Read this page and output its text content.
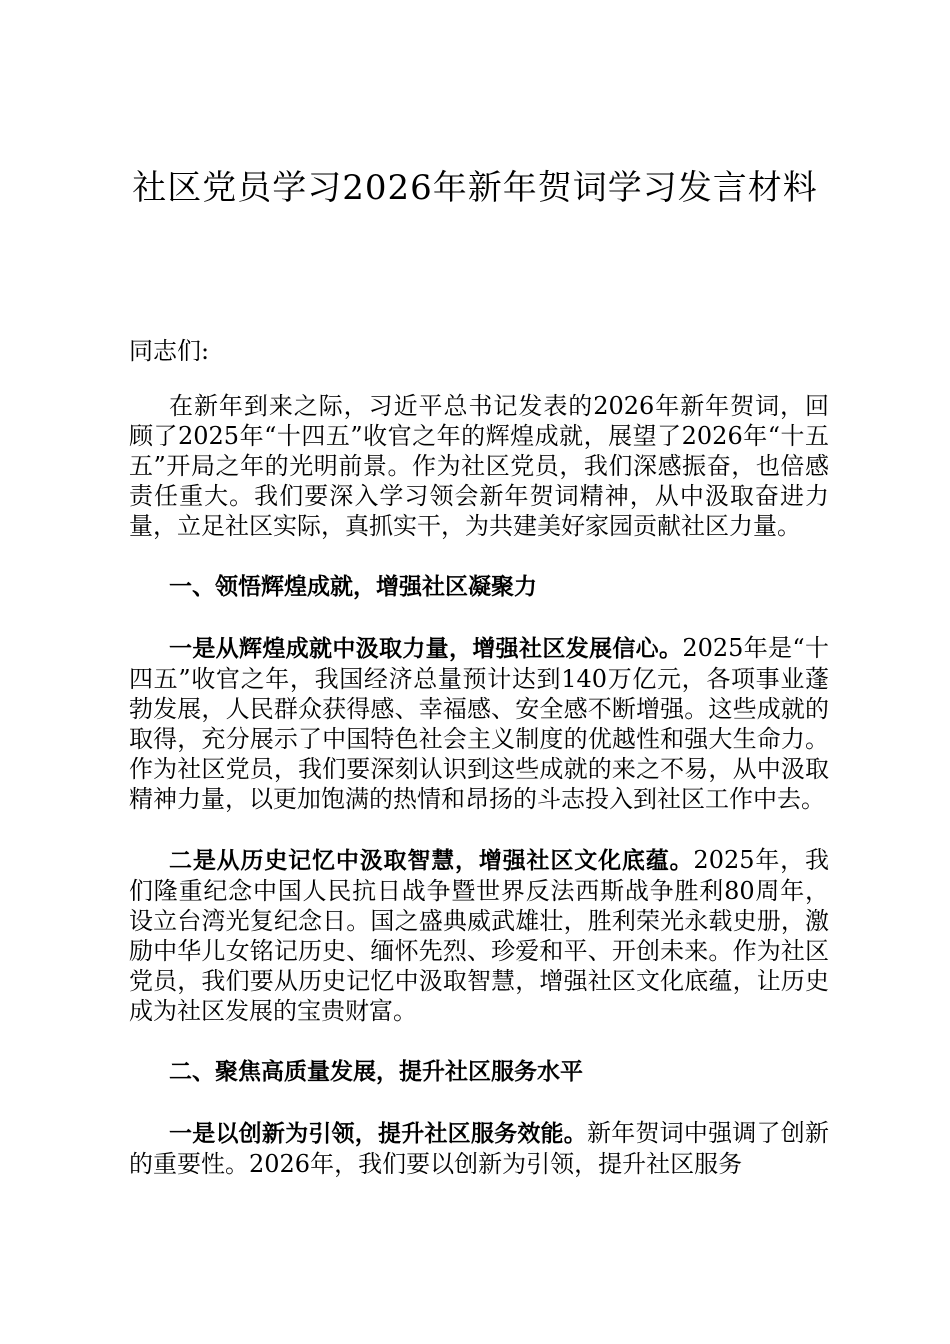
社区党员学习2026年新年贺词学习发言材料

同志们:

在新年到来之际，习近平总书记发表的2026年新年贺词，回顾了2025年“十四五”收官之年的辉煌成就，展望了2026年“十五五”开局之年的光明前景。作为社区党员，我们深感振奋，也倍感责任重大。我们要深入学习领会新年贺词精神，从中汲取奋进力量，立足社区实际，真抓实干，为共建美好家园贡献社区力量。

一、领悟辉煌成就，增强社区凝聚力

一是从辉煌成就中汲取力量，增强社区发展信心。2025年是“十四五”收官之年，我国经济总量预计达到140万亿元，各项事业蓬勃发展，人民群众获得感、幸福感、安全感不断增强。这些成就的取得，充分展示了中国特色社会主义制度的优越性和强大生命力。作为社区党员，我们要深刻认识到这些成就的来之不易，从中汲取精神力量，以更加饱满的热情和昂扬的斗志投入到社区工作中去。

二是从历史记忆中汲取智慧，增强社区文化底蕴。2025年，我们隆重纪念中国人民抗日战争暨世界反法西斯战争胜利80周年，设立台湾光复纪念日。国之盛典威武雄壮，胜利荣光永载史册，激励中华儿女铭记历史、缅怀先烈、珍爱和平、开创未来。作为社区党员，我们要从历史记忆中汲取智慧，增强社区文化底蕴，让历史成为社区发展的宝贵财富。

二、聚焦高质量发展，提升社区服务水平

一是以创新为引领，提升社区服务效能。新年贺词中强调了创新的重要性。2026年，我们要以创新为引领，提升社区服务
